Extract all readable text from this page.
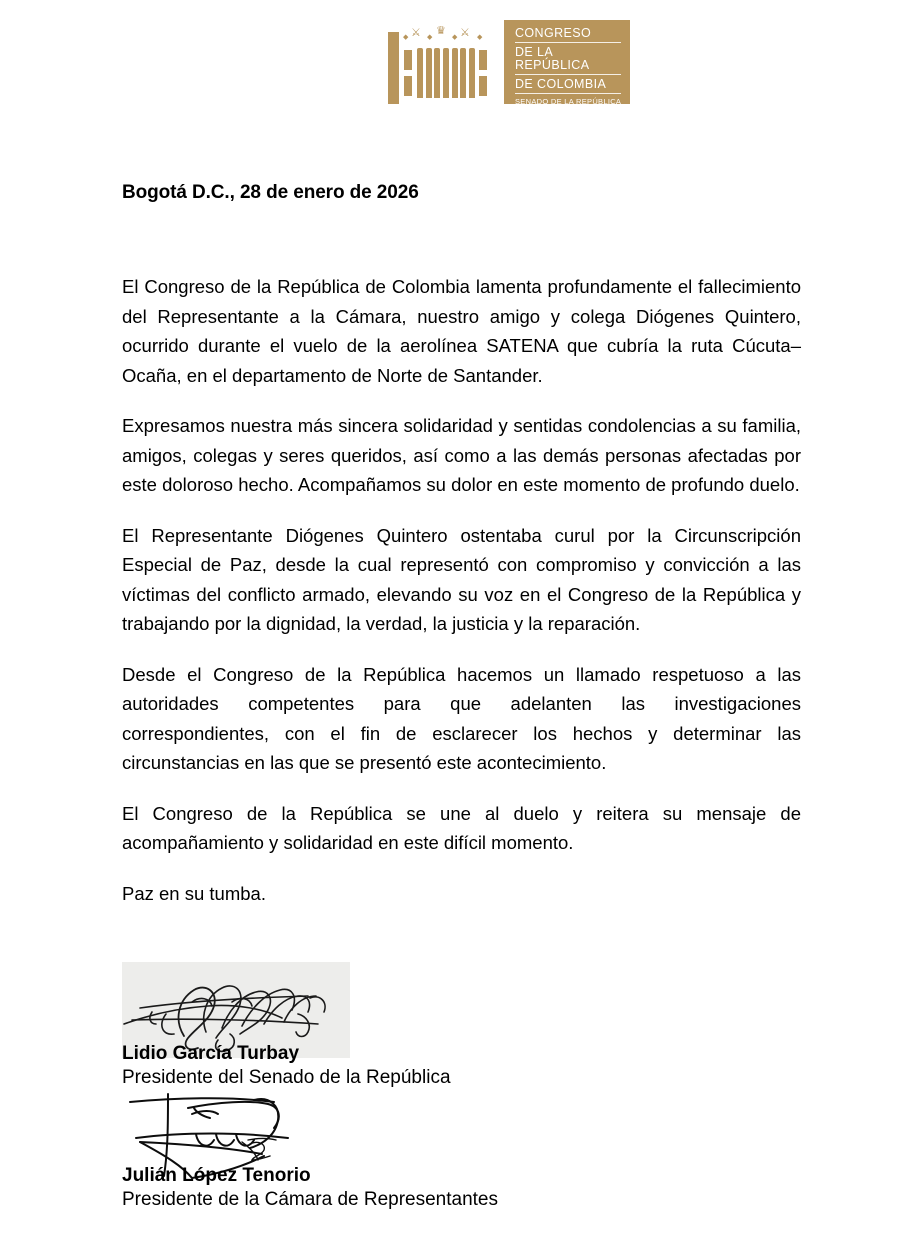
◆ ⚔ ◆ ♛ ◆ ⚔ ◆	CONGRESO
DE LA REPÚBLICA
DE COLOMBIA
SENADO DE LA REPÚBLICA
Bogotá D.C., 28 de enero de 2026

El Congreso de la República de Colombia lamenta profundamente el fallecimiento del Representante a la Cámara, nuestro amigo y colega Diógenes Quintero, ocurrido durante el vuelo de la aerolínea SATENA que cubría la ruta Cúcuta–Ocaña, en el departamento de Norte de Santander.

Expresamos nuestra más sincera solidaridad y sentidas condolencias a su familia, amigos, colegas y seres queridos, así como a las demás personas afectadas por este doloroso hecho. Acompañamos su dolor en este momento de profundo duelo.

El Representante Diógenes Quintero ostentaba curul por la Circunscripción Especial de Paz, desde la cual representó con compromiso y convicción a las víctimas del conflicto armado, elevando su voz en el Congreso de la República y trabajando por la dignidad, la verdad, la justicia y la reparación.

Desde el Congreso de la República hacemos un llamado respetuoso a las autoridades competentes para que adelanten las investigaciones correspondientes, con el fin de esclarecer los hechos y determinar las circunstancias en las que se presentó este acontecimiento.

El Congreso de la República se une al duelo y reitera su mensaje de acompañamiento y solidaridad en este difícil momento.

Paz en su tumba.

Lidio García Turbay
Presidente del Senado de la República
Julián López Tenorio
Presidente de la Cámara de Representantes
